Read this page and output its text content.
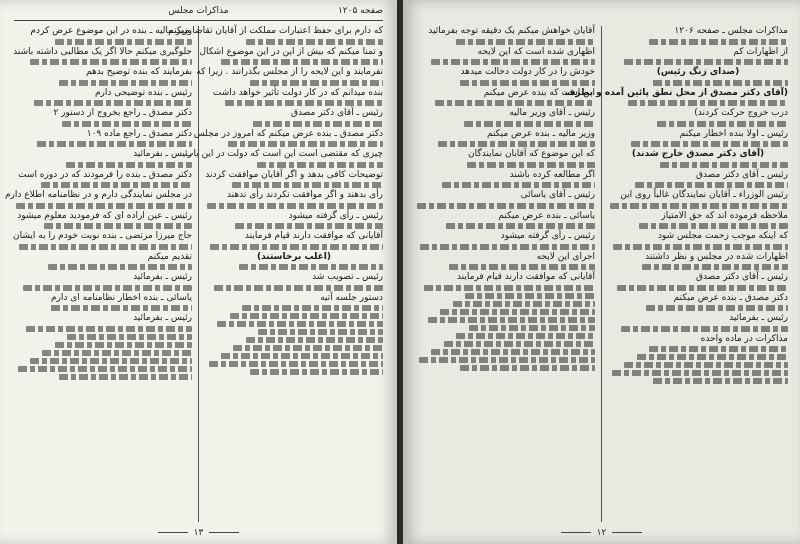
صفحه ۱۲۰۵
مذاکرات مجلس

که دارم برای حفظ اعتبارات مملکت از آقایان تقاضا میکنم

و تمنا میکنم که بیش از این در این موضوع اشکال

نفرمایند و این لایحه را از مجلس بگذرانند . زیرا که

بنده میدانم که در کار دولت تأثیر خواهد داشت

رئیس ـ آقای دکتر مصدق

دکتر مصدق ـ بنده عرض میکنم که امروز در مجلس

چیزی که مقتضی است این است که دولت در این باب

توضیحات کافی بدهد و اگر آقایان موافقت کردند

رأی بدهند و اگر موافقت نکردند رأی ندهند

رئیس ـ رأی گرفته میشود

آقایانی که موافقت دارند قیام فرمایند

(اغلب برخاستند)

رئیس ـ تصویب شد

دستور جلسه آتیه

وزیر مالیه ـ بنده در این موضوع عرض کردم

جلوگیری میکنم حالا اگر یک مطالبی داشته باشند

بفرمایند که بنده توضیح بدهم

رئیس ـ بنده توضیحی دارم

دکتر مصدق ـ راجع بخروج از دستور ۲

دکتر مصدق ـ راجع ماده ۱۰۹

رئیس ـ بفرمائید

دکتر مصدق ـ بنده را فرمودند که در دوره است

در مجلس نمایندگی دارم و در نظامنامه اطلاع دارم

رئیس ـ عین اراده ای که فرمودید معلوم میشود

حاج میرزا مرتضی ـ بنده نوبت خودم را به ایشان

تقدیم میکنم

رئیس ـ بفرمائید

یاسائی ـ بنده اخطار نظامنامه ای دارم

رئیس ـ بفرمائید

۱۳

مذاکرات مجلس ـ صفحه ۱۲۰۶

از اظهارات کم

(صدای زنگ رئیس)

(آقای دکتر مصدق از محل نطق پائین آمده و بطرف

درب خروج حرکت کردند)

رئیس ـ اولا بنده اخطار میکنم

(آقای دکتر مصدق خارج شدند)

رئیس ـ آقای دکتر مصدق

رئیس الوزراء ـ آقایان نمایندگان غالباً روی این

ملاحظه فرموده اند که حق الامتیاز

که اینکه موجب زحمت مجلس شود

اظهارات شده در مجلس و نظر داشتند

رئیس ـ آقای دکتر مصدق

دکتر مصدق ـ بنده عرض میکنم

رئیس ـ بفرمائید

مذاکرات در ماده واحده

آقایان خواهش میکنم یک دقیقه توجه بفرمائید

اظهاری شده است که این لایحه

خودش را در کار دولت دخالت میدهد

این است که بنده عرض میکنم

رئیس ـ آقای وزیر مالیه

وزیر مالیه ـ بنده عرض میکنم

که این موضوع که آقایان نمایندگان

اگر مطالعه کرده باشند

رئیس ـ آقای یاسائی

یاسائی ـ بنده عرض میکنم

رئیس ـ رأی گرفته میشود

اجرای این لایحه

آقایانی که موافقت دارند قیام فرمایند

۱۲
